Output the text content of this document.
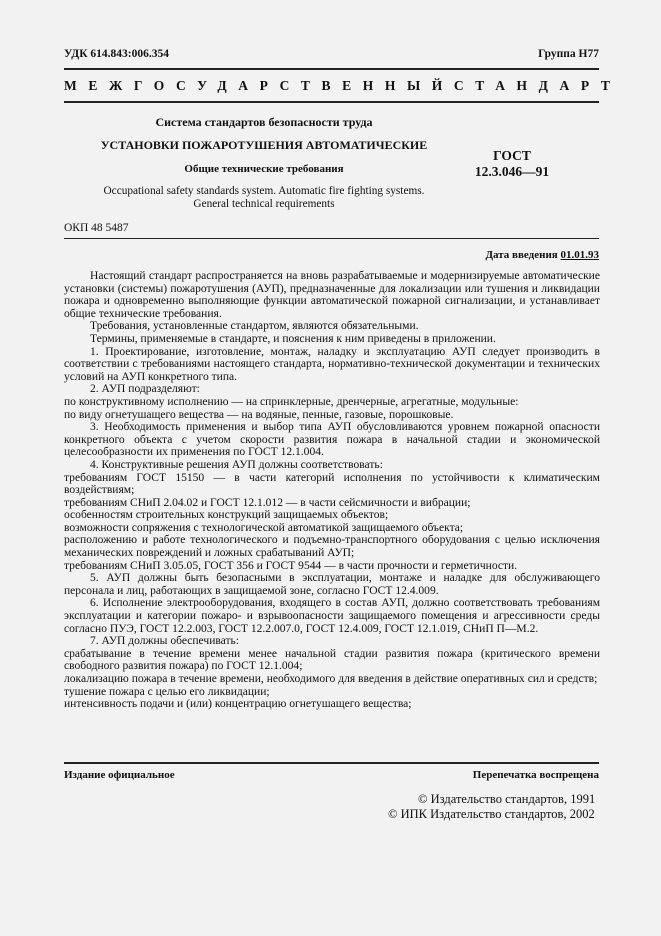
УДК 614.843:006.354	Группа Н77
МЕЖГОСУДАРСТВЕННЫЙ СТАНДАРТ
Система стандартов безопасности труда
УСТАНОВКИ ПОЖАРОТУШЕНИЯ АВТОМАТИЧЕСКИЕ
Общие технические требования
Occupational safety standards system. Automatic fire fighting systems.
General technical requirements
ГОСТ
12.3.046—91
ОКП 48 5487
Дата введения 01.01.93

Настоящий стандарт распространяется на вновь разрабатываемые и модернизируемые автоматические установки (системы) пожаротушения (АУП), предназначенные для локализации или тушения и ликвидации пожара и одновременно выполняющие функции автоматической пожарной сигнализации, и устанавливает общие технические требования.

Требования, установленные стандартом, являются обязательными.

Термины, применяемые в стандарте, и пояснения к ним приведены в приложении.

1. Проектирование, изготовление, монтаж, наладку и эксплуатацию АУП следует производить в соответствии с требованиями настоящего стандарта, нормативно-технической документации и технических условий на АУП конкретного типа.

2. АУП подразделяют:

по конструктивному исполнению — на спринклерные, дренчерные, агрегатные, модульные:

по виду огнетушащего вещества — на водяные, пенные, газовые, порошковые.

3. Необходимость применения и выбор типа АУП обусловливаются уровнем пожарной опасности конкретного объекта с учетом скорости развития пожара в начальной стадии и экономической целесообразности их применения по ГОСТ 12.1.004.

4. Конструктивные решения АУП должны соответствовать:

требованиям ГОСТ 15150 — в части категорий исполнения по устойчивости к климатическим воздействиям;

требованиям СНиП 2.04.02 и ГОСТ 12.1.012 — в части сейсмичности и вибрации;

особенностям строительных конструкций защищаемых объектов;

возможности сопряжения с технологической автоматикой защищаемого объекта;

расположению и работе технологического и подъемно-транспортного оборудования с целью исключения механических повреждений и ложных срабатываний АУП;

требованиям СНиП 3.05.05, ГОСТ 356 и ГОСТ 9544 — в части прочности и герметичности.

5. АУП должны быть безопасными в эксплуатации, монтаже и наладке для обслуживающего персонала и лиц, работающих в защищаемой зоне, согласно ГОСТ 12.4.009.

6. Исполнение электрооборудования, входящего в состав АУП, должно соответствовать требованиям эксплуатации и категории пожаро- и взрывоопасности защищаемого помещения и агрессивности среды согласно ПУЭ, ГОСТ 12.2.003, ГОСТ 12.2.007.0, ГОСТ 12.4.009, ГОСТ 12.1.019, СНиП П—М.2.

7. АУП должны обеспечивать:

срабатывание в течение времени менее начальной стадии развития пожара (критического времени свободного развития пожара) по ГОСТ 12.1.004;

локализацию пожара в течение времени, необходимого для введения в действие оперативных сил и средств;

тушение пожара с целью его ликвидации;

интенсивность подачи и (или) концентрацию огнетушащего вещества;

Издание официальное	Перепечатка воспрещена
© Издательство стандартов, 1991
© ИПК Издательство стандартов, 2002
